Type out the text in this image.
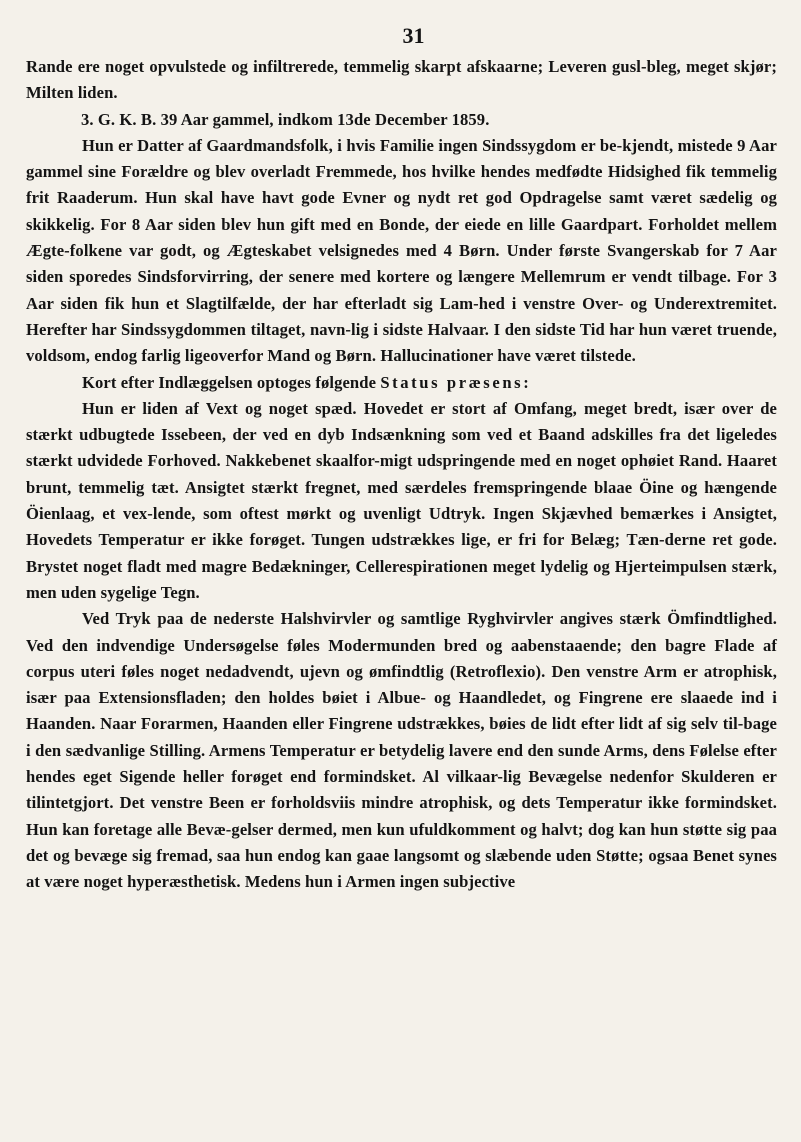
31

Rande ere noget opvulstede og infiltrerede, temmelig skarpt afskaarne; Leveren gusl-bleg, meget skjør; Milten liden.

3. G. K. B. 39 Aar gammel, indkom 13de December 1859.

Hun er Datter af Gaardmandsfolk, i hvis Familie ingen Sindssygdom er be-kjendt, mistede 9 Aar gammel sine Forældre og blev overladt Fremmede, hos hvilke hendes medfødte Hidsighed fik temmelig frit Raaderum. Hun skal have havt gode Evner og nydt ret god Opdragelse samt været sædelig og skikkelig. For 8 Aar siden blev hun gift med en Bonde, der eiede en lille Gaardpart. Forholdet mellem Ægte-folkene var godt, og Ægteskabet velsignedes med 4 Børn. Under første Svangerskab for 7 Aar siden sporedes Sindsforvirring, der senere med kortere og længere Mellemrum er vendt tilbage. For 3 Aar siden fik hun et Slagtilfælde, der har efterladt sig Lam-hed i venstre Over- og Underextremitet. Herefter har Sindssygdommen tiltaget, navn-lig i sidste Halvaar. I den sidste Tid har hun været truende, voldsom, endog farlig ligeoverfor Mand og Børn. Hallucinationer have været tilstede.

Kort efter Indlæggelsen optoges følgende Status præsens:

Hun er liden af Vext og noget spæd. Hovedet er stort af Omfang, meget bredt, især over de stærkt udbugtede Issebeen, der ved en dyb Indsænkning som ved et Baand adskilles fra det ligeledes stærkt udvidede Forhoved. Nakkebenet skaalfor-migt udspringende med en noget ophøiet Rand. Haaret brunt, temmelig tæt. Ansigtet stærkt fregnet, med særdeles fremspringende blaae Öine og hængende Öienlaag, et vex-lende, som oftest mørkt og uvenligt Udtryk. Ingen Skjævhed bemærkes i Ansigtet, Hovedets Temperatur er ikke forøget. Tungen udstrækkes lige, er fri for Belæg; Tæn-derne ret gode. Brystet noget fladt med magre Bedækninger, Cellerespirationen meget lydelig og Hjerteimpulsen stærk, men uden sygelige Tegn.

Ved Tryk paa de nederste Halshvirvler og samtlige Ryghvirvler angives stærk Ömfindtlighed. Ved den indvendige Undersøgelse føles Modermunden bred og aabenstaaende; den bagre Flade af corpus uteri føles noget nedadvendt, ujevn og ømfindtlig (Retroflexio). Den venstre Arm er atrophisk, især paa Extensionsfladen; den holdes bøiet i Albue- og Haandledet, og Fingrene ere slaaede ind i Haanden. Naar Forarmen, Haanden eller Fingrene udstrækkes, bøies de lidt efter lidt af sig selv til-bage i den sædvanlige Stilling. Armens Temperatur er betydelig lavere end den sunde Arms, dens Følelse efter hendes eget Sigende heller forøget end formindsket. Al vilkaar-lig Bevægelse nedenfor Skulderen er tilintetgjort. Det venstre Been er forholdsviis mindre atrophisk, og dets Temperatur ikke formindsket. Hun kan foretage alle Bevæ-gelser dermed, men kun ufuldkomment og halvt; dog kan hun støtte sig paa det og bevæge sig fremad, saa hun endog kan gaae langsomt og slæbende uden Støtte; ogsaa Benet synes at være noget hyperæsthetisk. Medens hun i Armen ingen subjective
